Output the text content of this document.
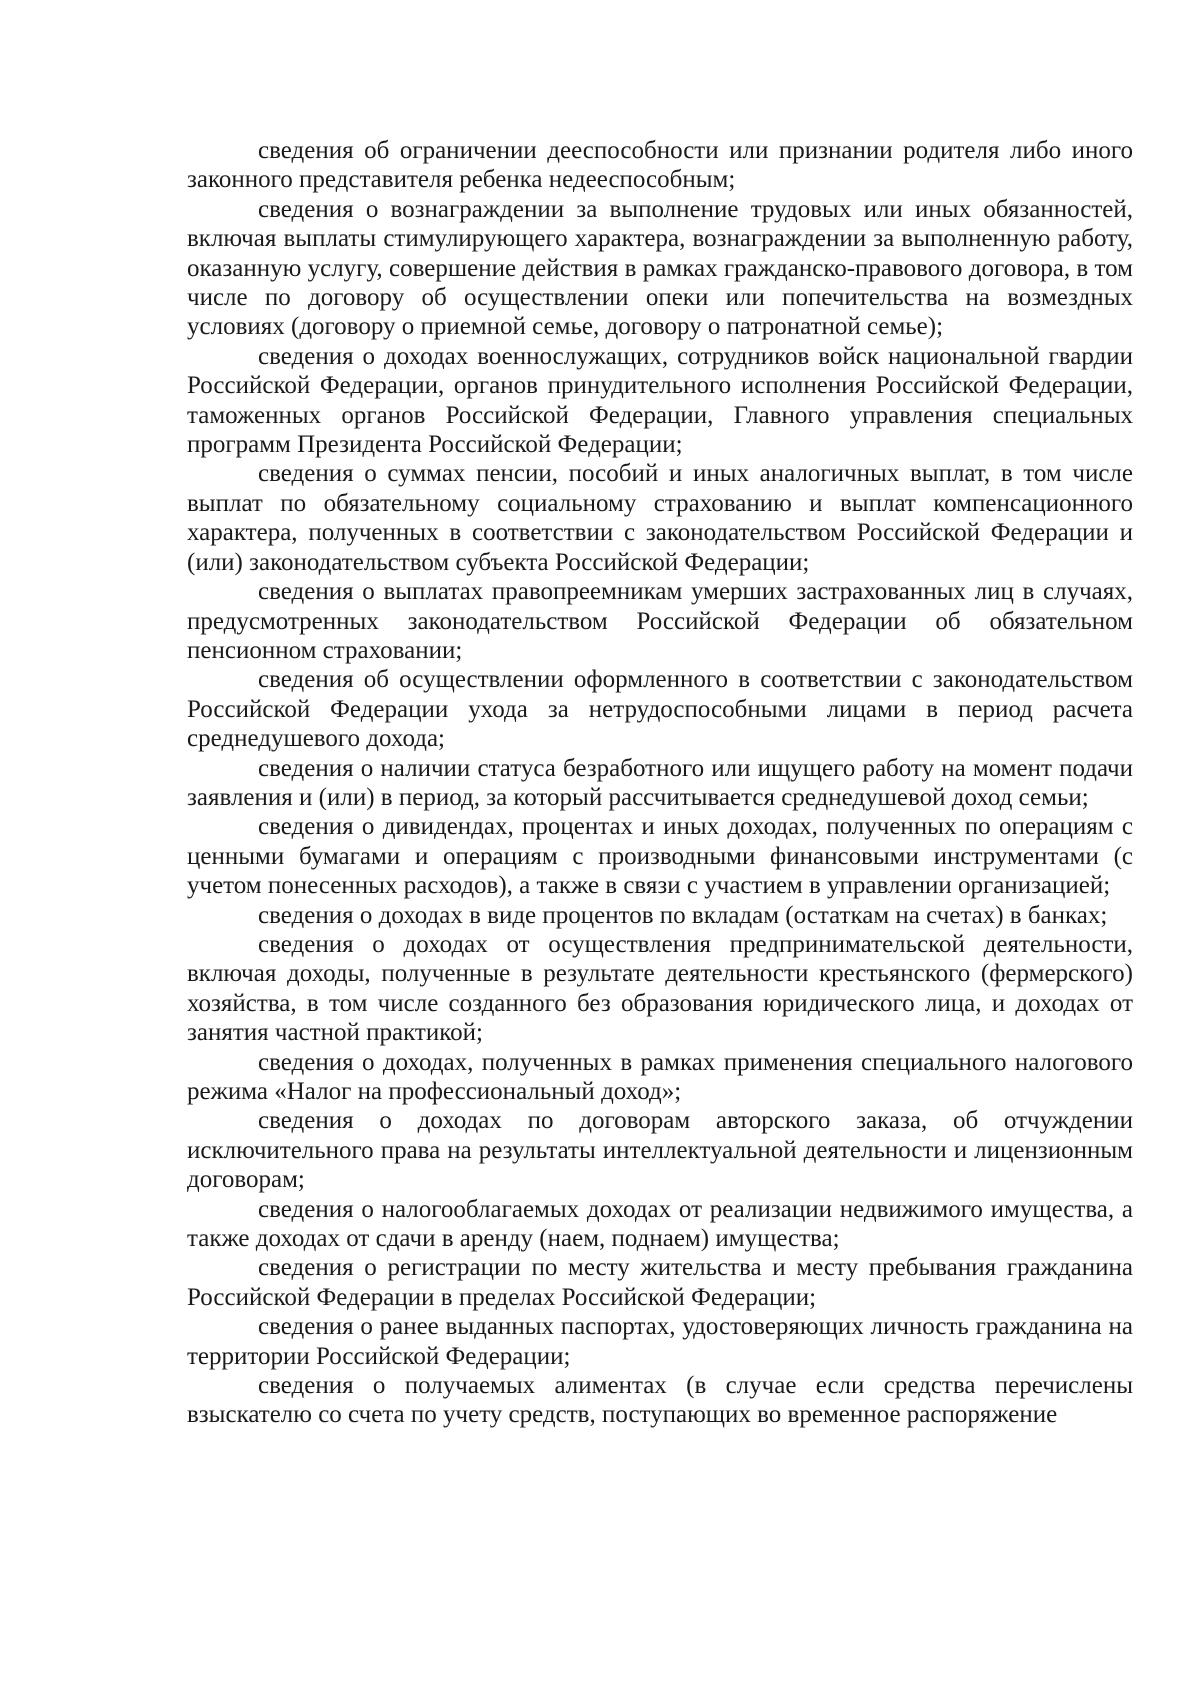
сведения об ограничении дееспособности или признании родителя либо иного законного представителя ребенка недееспособным;

сведения о вознаграждении за выполнение трудовых или иных обязанностей, включая выплаты стимулирующего характера, вознаграждении за выполненную работу, оказанную услугу, совершение действия в рамках гражданско-правового договора, в том числе по договору об осуществлении опеки или попечительства на возмездных условиях (договору о приемной семье, договору о патронатной семье);

сведения о доходах военнослужащих, сотрудников войск национальной гвардии Российской Федерации, органов принудительного исполнения Российской Федерации, таможенных органов Российской Федерации, Главного управления специальных программ Президента Российской Федерации;

сведения о суммах пенсии, пособий и иных аналогичных выплат, в том числе выплат по обязательному социальному страхованию и выплат компенсационного характера, полученных в соответствии с законодательством Российской Федерации и (или) законодательством субъекта Российской Федерации;

сведения о выплатах правопреемникам умерших застрахованных лиц в случаях, предусмотренных законодательством Российской Федерации об обязательном пенсионном страховании;

сведения об осуществлении оформленного в соответствии с законодательством Российской Федерации ухода за нетрудоспособными лицами в период расчета среднедушевого дохода;

сведения о наличии статуса безработного или ищущего работу на момент подачи заявления и (или) в период, за который рассчитывается среднедушевой доход семьи;

сведения о дивидендах, процентах и иных доходах, полученных по операциям с ценными бумагами и операциям с производными финансовыми инструментами (с учетом понесенных расходов), а также в связи с участием в управлении организацией;

сведения о доходах в виде процентов по вкладам (остаткам на счетах) в банках;

сведения о доходах от осуществления предпринимательской деятельности, включая доходы, полученные в результате деятельности крестьянского (фермерского) хозяйства, в том числе созданного без образования юридического лица, и доходах от занятия частной практикой;

сведения о доходах, полученных в рамках применения специального налогового режима «Налог на профессиональный доход»;

сведения о доходах по договорам авторского заказа, об отчуждении исключительного права на результаты интеллектуальной деятельности и лицензионным договорам;

сведения о налогооблагаемых доходах от реализации недвижимого имущества, а также доходах от сдачи в аренду (наем, поднаем) имущества;

сведения о регистрации по месту жительства и месту пребывания гражданина Российской Федерации в пределах Российской Федерации;

сведения о ранее выданных паспортах, удостоверяющих личность гражданина на территории Российской Федерации;

сведения о получаемых алиментах (в случае если средства перечислены взыскателю со счета по учету средств, поступающих во временное распоряжение
